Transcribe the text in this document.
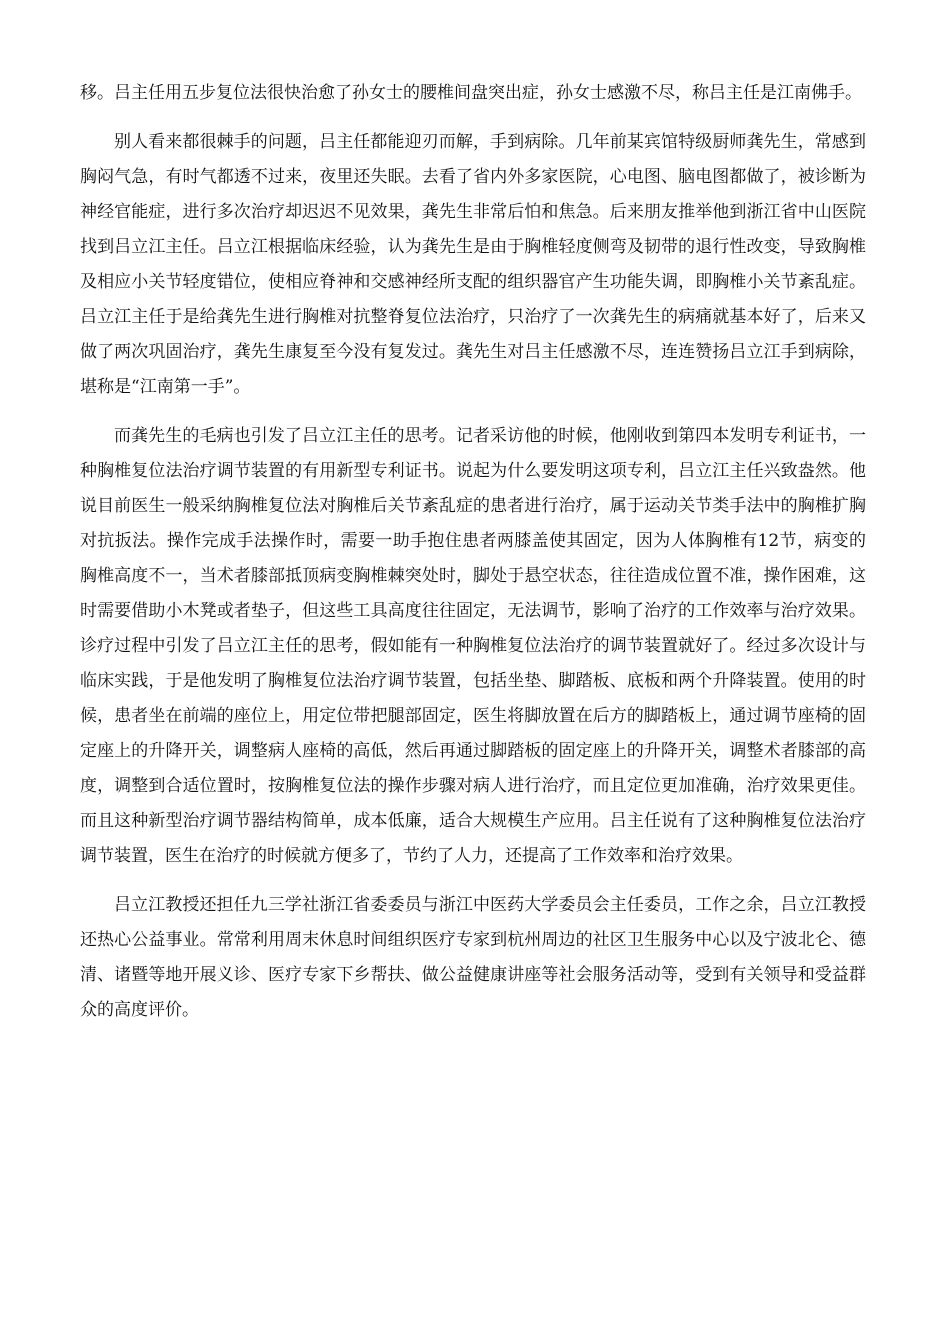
移。吕主任用五步复位法很快治愈了孙女士的腰椎间盘突出症，孙女士感激不尽，称吕主任是江南佛手。

别人看来都很棘手的问题，吕主任都能迎刃而解，手到病除。几年前某宾馆特级厨师龚先生，常感到胸闷气急，有时气都透不过来，夜里还失眠。去看了省内外多家医院，心电图、脑电图都做了，被诊断为神经官能症，进行多次治疗却迟迟不见效果，龚先生非常后怕和焦急。后来朋友推举他到浙江省中山医院找到吕立江主任。吕立江根据临床经验，认为龚先生是由于胸椎轻度侧弯及韧带的退行性改变，导致胸椎及相应小关节轻度错位，使相应脊神和交感神经所支配的组织器官产生功能失调，即胸椎小关节紊乱症。吕立江主任于是给龚先生进行胸椎对抗整脊复位法治疗，只治疗了一次龚先生的病痛就基本好了，后来又做了两次巩固治疗，龚先生康复至今没有复发过。龚先生对吕主任感激不尽，连连赞扬吕立江手到病除，堪称是“江南第一手”。

而龚先生的毛病也引发了吕立江主任的思考。记者采访他的时候，他刚收到第四本发明专利证书，一种胸椎复位法治疗调节装置的有用新型专利证书。说起为什么要发明这项专利，吕立江主任兴致盎然。他说目前医生一般采纳胸椎复位法对胸椎后关节紊乱症的患者进行治疗，属于运动关节类手法中的胸椎扩胸对抗扳法。操作完成手法操作时，需要一助手抱住患者两膝盖使其固定，因为人体胸椎有12节，病变的胸椎高度不一，当术者膝部抵顶病变胸椎棘突处时，脚处于悬空状态，往往造成位置不准，操作困难，这时需要借助小木凳或者垫子，但这些工具高度往往固定，无法调节，影响了治疗的工作效率与治疗效果。诊疗过程中引发了吕立江主任的思考，假如能有一种胸椎复位法治疗的调节装置就好了。经过多次设计与临床实践，于是他发明了胸椎复位法治疗调节装置，包括坐垫、脚踏板、底板和两个升降装置。使用的时候，患者坐在前端的座位上，用定位带把腿部固定，医生将脚放置在后方的脚踏板上，通过调节座椅的固定座上的升降开关，调整病人座椅的高低，然后再通过脚踏板的固定座上的升降开关，调整术者膝部的高度，调整到合适位置时，按胸椎复位法的操作步骤对病人进行治疗，而且定位更加准确，治疗效果更佳。而且这种新型治疗调节器结构简单，成本低廉，适合大规模生产应用。吕主任说有了这种胸椎复位法治疗调节装置，医生在治疗的时候就方便多了，节约了人力，还提高了工作效率和治疗效果。

吕立江教授还担任九三学社浙江省委委员与浙江中医药大学委员会主任委员，工作之余，吕立江教授还热心公益事业。常常利用周末休息时间组织医疗专家到杭州周边的社区卫生服务中心以及宁波北仑、德清、诸暨等地开展义诊、医疗专家下乡帮扶、做公益健康讲座等社会服务活动等，受到有关领导和受益群众的高度评价。
